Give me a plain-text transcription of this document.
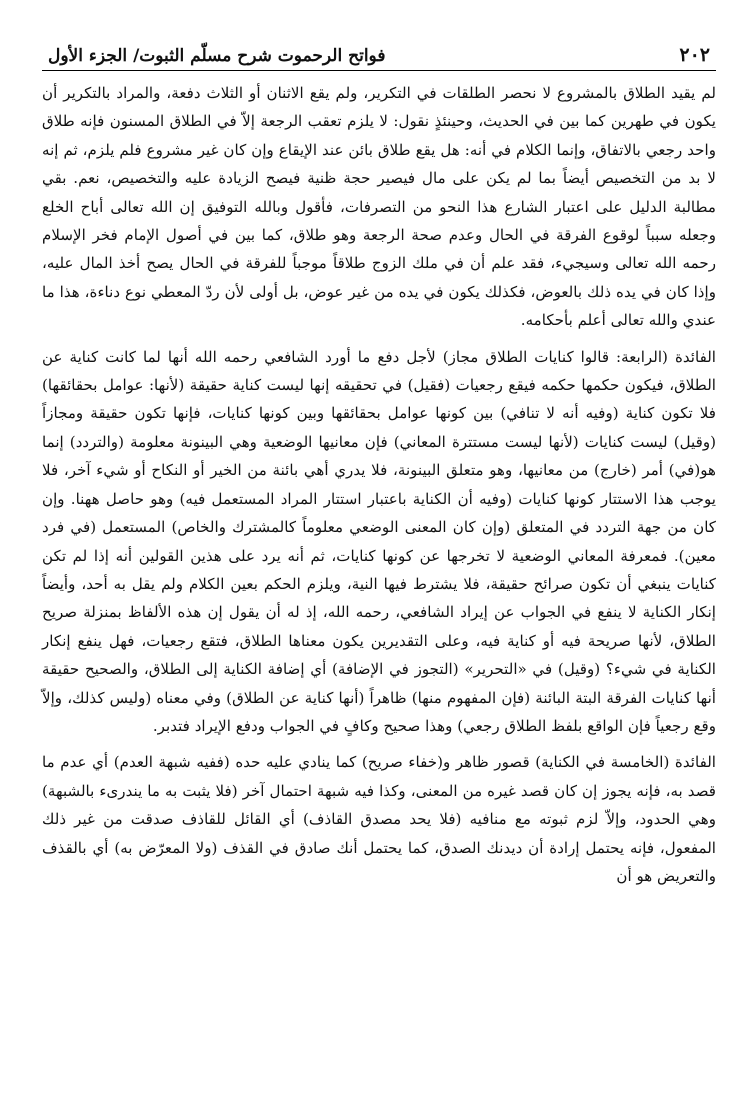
٢٠٢
فواتح الرحموت شرح مسلّم الثبوت/ الجزء الأول

لم يقيد الطلاق بالمشروع لا نحصر الطلقات في التكرير، ولم يقع الاثنان أو الثلاث دفعة، والمراد بالتكرير أن يكون في طهرين كما بين في الحديث، وحينئذٍ نقول: لا يلزم تعقب الرجعة إلاّ في الطلاق المسنون فإنه طلاق واحد رجعي بالاتفاق، وإنما الكلام في أنه: هل يقع طلاق بائن عند الإيقاع وإن كان غير مشروع فلم يلزم، ثم إنه لا بد من التخصيص أيضاً بما لم يكن على مال فيصير حجة ظنية فيصح الزيادة عليه والتخصيص، نعم. بقي مطالبة الدليل على اعتبار الشارع هذا النحو من التصرفات، فأقول وبالله التوفيق إن الله تعالى أباح الخلع وجعله سبباً لوقوع الفرقة في الحال وعدم صحة الرجعة وهو طلاق، كما بين في أصول الإمام فخر الإسلام رحمه الله تعالى وسيجيء، فقد علم أن في ملك الزوج طلاقاً موجباً للفرقة في الحال يصح أخذ المال عليه، وإذا كان في يده ذلك بالعوض، فكذلك يكون في يده من غير عوض، بل أولى لأن ردّ المعطي نوع دناءة، هذا ما عندي والله تعالى أعلم بأحكامه.

الفائدة (الرابعة: قالوا كنايات الطلاق مجاز) لأجل دفع ما أورد الشافعي رحمه الله أنها لما كانت كناية عن الطلاق، فيكون حكمها حكمه فيقع رجعيات (فقيل) في تحقيقه إنها ليست كناية حقيقة (لأنها: عوامل بحقائقها) فلا تكون كناية (وفيه أنه لا تنافي) بين كونها عوامل بحقائقها وبين كونها كنايات، فإنها تكون حقيقة ومجازاً (وقيل) ليست كنايات (لأنها ليست مستترة المعاني) فإن معانيها الوضعية وهي البينونة معلومة (والتردد) إنما هو(في) أمر (خارج) من معانيها، وهو متعلق البينونة، فلا يدري أهي بائنة من الخير أو النكاح أو شيء آخر، فلا يوجب هذا الاستتار كونها كنايات (وفيه أن الكناية باعتبار استتار المراد المستعمل فيه) وهو حاصل ههنا. وإن كان من جهة التردد في المتعلق (وإن كان المعنى الوضعي معلوماً كالمشترك والخاص) المستعمل (في فرد معين). فمعرفة المعاني الوضعية لا تخرجها عن كونها كنايات، ثم أنه يرد على هذين القولين أنه إذا لم تكن كنايات ينبغي أن تكون صرائح حقيقة، فلا يشترط فيها النية، ويلزم الحكم بعين الكلام ولم يقل به أحد، وأيضاً إنكار الكناية لا ينفع في الجواب عن إيراد الشافعي، رحمه الله، إذ له أن يقول إن هذه الألفاظ بمنزلة صريح الطلاق، لأنها صريحة فيه أو كناية فيه، وعلى التقديرين يكون معناها الطلاق، فتقع رجعيات، فهل ينفع إنكار الكناية في شيء؟ (وقيل) في «التحرير» (التجوز في الإضافة) أي إضافة الكناية إلى الطلاق، والصحيح حقيقة أنها كنايات الفرقة البتة البائنة (فإن المفهوم منها) ظاهراً (أنها كناية عن الطلاق) وفي معناه (وليس كذلك، وإلاّ وقع رجعياً فإن الواقع بلفظ الطلاق رجعي) وهذا صحيح وكافٍ في الجواب ودفع الإيراد فتدبر.

الفائدة (الخامسة في الكناية) قصور ظاهر و(خفاء صريح) كما ينادي عليه حده (ففيه شبهة العدم) أي عدم ما قصد به، فإنه يجوز إن كان قصد غيره من المعنى، وكذا فيه شبهة احتمال آخر (فلا يثبت به ما يندرىء بالشبهة) وهي الحدود، وإلاّ لزم ثبوته مع منافيه (فلا يحد مصدق القاذف) أي القائل للقاذف صدقت من غير ذلك المفعول، فإنه يحتمل إرادة أن ديدنك الصدق، كما يحتمل أنك صادق في القذف (ولا المعرّض به) أي بالقذف والتعريض هو أن
